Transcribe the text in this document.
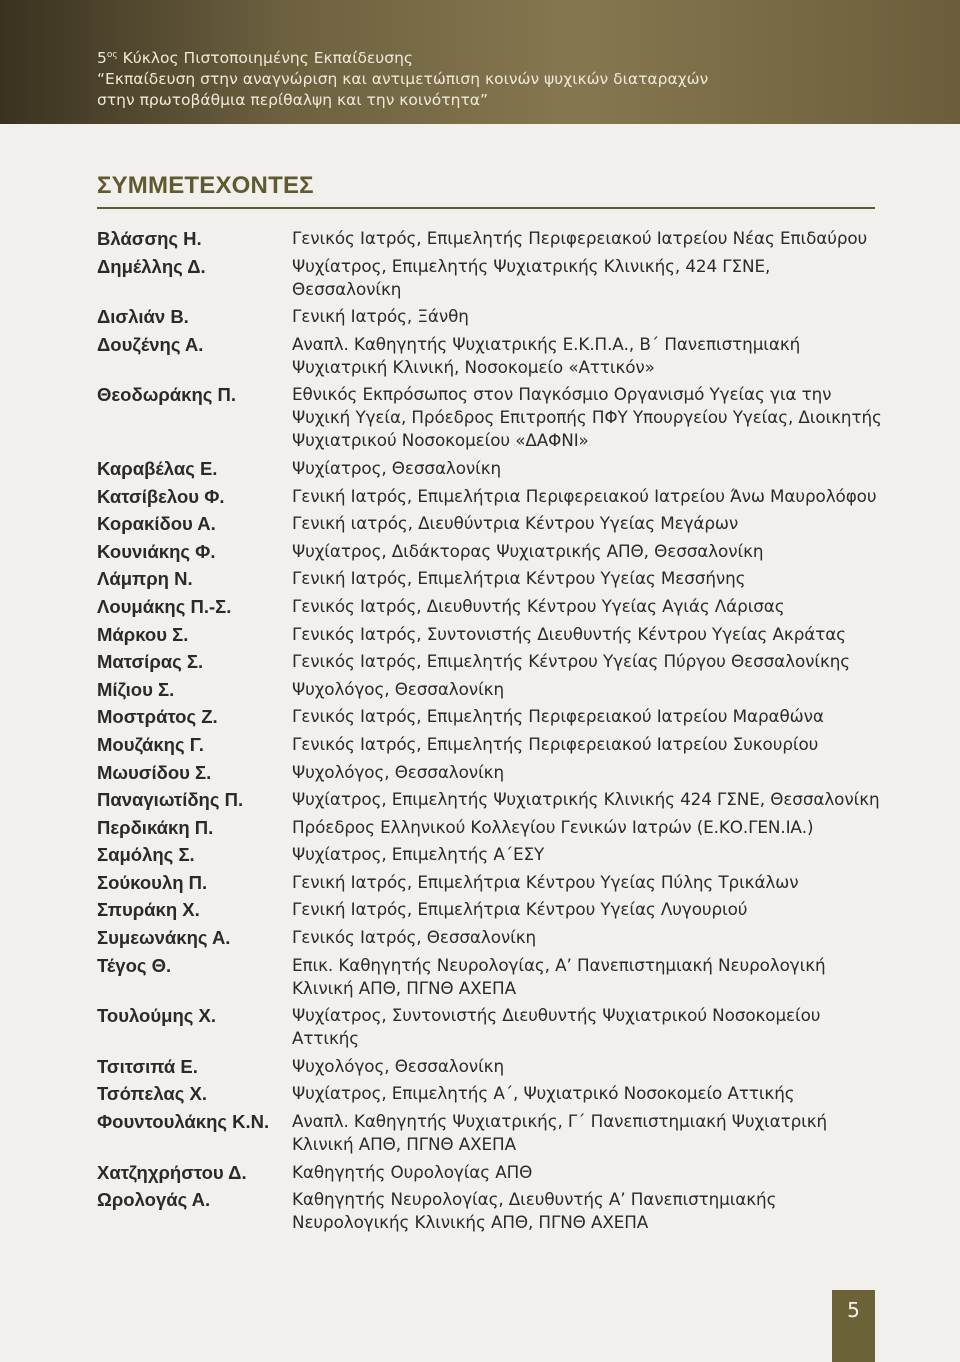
$5^{o\varsigma}$ Κύκλος Πιστοποιημένης Εκπαίδευσης
“Εκπαίδευση στην αναγνώριση και αντιμετώπιση κοινών ψυχικών διαταραχών
στην πρωτοβάθμια περίθαλψη και την κοινότητα”
ΣΥΜΜΕΤΕΧΟΝΤΕΣ
Βλάσσης Η.	Γενικός Ιατρός, Επιμελητής Περιφερειακού Ιατρείου Νέας Επιδαύρου
Δημέλλης Δ.	Ψυχίατρος, Επιμελητής Ψυχιατρικής Κλινικής, 424 ΓΣΝΕ, Θεσσαλονίκη
Δισλιάν Β.	Γενική Ιατρός, Ξάνθη
Δουζένης Α.	Αναπλ. Καθηγητής Ψυχιατρικής Ε.Κ.Π.Α., Β΄ Πανεπιστημιακή Ψυχιατρική Κλινική, Νοσοκομείο «Αττικόν»
Θεοδωράκης Π.	Εθνικός Εκπρόσωπος στον Παγκόσμιο Οργανισμό Υγείας για την Ψυχική Υγεία, Πρόεδρος Επιτροπής ΠΦΥ Υπουργείου Υγείας, Διοικητής Ψυχιατρικού Νοσοκομείου «ΔΑΦΝΙ»
Καραβέλας Ε.	Ψυχίατρος, Θεσσαλονίκη
Κατσίβελου Φ.	Γενική Ιατρός, Επιμελήτρια Περιφερειακού Ιατρείου Άνω Μαυρολόφου
Κορακίδου Α.	Γενική ιατρός, Διευθύντρια Κέντρου Υγείας Μεγάρων
Κουνιάκης Φ.	Ψυχίατρος, Διδάκτορας Ψυχιατρικής ΑΠΘ, Θεσσαλονίκη
Λάμπρη Ν.	Γενική Ιατρός, Επιμελήτρια Κέντρου Υγείας Μεσσήνης
Λουμάκης Π.-Σ.	Γενικός Ιατρός, Διευθυντής Κέντρου Υγείας Αγιάς Λάρισας
Μάρκου Σ.	Γενικός Ιατρός, Συντονιστής Διευθυντής Κέντρου Υγείας Ακράτας
Ματσίρας Σ.	Γενικός Ιατρός, Επιμελητής Κέντρου Υγείας Πύργου Θεσσαλονίκης
Μίζιου Σ.	Ψυχολόγος, Θεσσαλονίκη
Μοστράτος Ζ.	Γενικός Ιατρός, Επιμελητής Περιφερειακού Ιατρείου Μαραθώνα
Μουζάκης Γ.	Γενικός Ιατρός, Επιμελητής Περιφερειακού Ιατρείου Συκουρίου
Μωυσίδου Σ.	Ψυχολόγος, Θεσσαλονίκη
Παναγιωτίδης Π.	Ψυχίατρος, Επιμελητής Ψυχιατρικής Κλινικής 424 ΓΣΝΕ, Θεσσαλονίκη
Περδικάκη Π.	Πρόεδρος Ελληνικού Κολλεγίου Γενικών Ιατρών (Ε.ΚΟ.ΓΕΝ.ΙΑ.)
Σαμόλης Σ.	Ψυχίατρος, Επιμελητής Α΄ΕΣΥ
Σούκουλη Π.	Γενική Ιατρός, Επιμελήτρια Κέντρου Υγείας Πύλης Τρικάλων
Σπυράκη Χ.	Γενική Ιατρός, Επιμελήτρια Κέντρου Υγείας Λυγουριού
Συμεωνάκης Α.	Γενικός Ιατρός, Θεσσαλονίκη
Τέγος Θ.	Επικ. Καθηγητής Νευρολογίας, Α’ Πανεπιστημιακή Νευρολογική Κλινική ΑΠΘ, ΠΓΝΘ ΑΧΕΠΑ
Τουλούμης Χ.	Ψυχίατρος, Συντονιστής Διευθυντής Ψυχιατρικού Νοσοκομείου Αττικής
Τσιτσιπά Ε.	Ψυχολόγος, Θεσσαλονίκη
Τσόπελας Χ.	Ψυχίατρος, Επιμελητής Α΄, Ψυχιατρικό Νοσοκομείο Αττικής
Φουντουλάκης Κ.Ν.	Αναπλ. Καθηγητής Ψυχιατρικής, Γ΄ Πανεπιστημιακή Ψυχιατρική Κλινική ΑΠΘ, ΠΓΝΘ ΑΧΕΠΑ
Χατζηχρήστου Δ.	Καθηγητής Ουρολογίας ΑΠΘ
Ωρολογάς Α.	Καθηγητής Νευρολογίας, Διευθυντής Α’ Πανεπιστημιακής Νευρολογικής Κλινικής ΑΠΘ, ΠΓΝΘ ΑΧΕΠΑ
5
